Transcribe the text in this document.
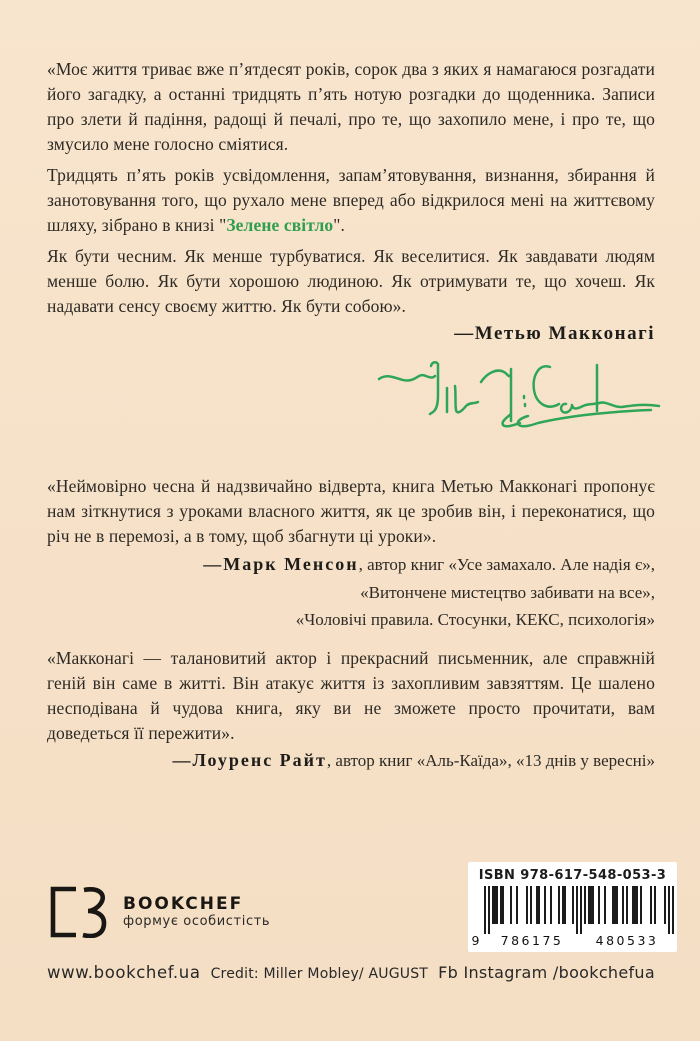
«Моє життя триває вже п’ятдесят років, сорок два з яких я намагаюся розгадати його загадку, а останні тридцять п’ять нотую розгадки до щоденника. Записи про злети й падіння, радощі й печалі, про те, що захопило мене, і про те, що змусило мене голосно сміятися.

Тридцять п’ять років усвідомлення, запам’ятовування, визнання, збирання й занотовування того, що рухало мене вперед або відкрилося мені на життєвому шляху, зібрано в книзі "Зелене світло".

Як бути чесним. Як менше турбуватися. Як веселитися. Як завдавати людям менше болю. Як бути хорошою людиною. Як отримувати те, що хочеш. Як надавати сенсу своєму життю. Як бути собою».

—Метью Макконагі

«Неймовірно чесна й надзвичайно відверта, книга Метью Макконагі пропонує нам зіткнутися з уроками власного життя, як це зробив він, і переконатися, що річ не в перемозі, а в тому, щоб збагнути ці уроки».

—Марк Менсон, автор книг «Усе замахало. Але надія є»,
«Витончене мистецтво забивати на все»,
«Чоловічі правила. Стосунки, КЕКС, психологія»

«Макконагі — талановитий актор і прекрасний письменник, але справжній геній він саме в житті. Він атакує життя із захопливим завзяттям. Це шалено несподівана й чудова книга, яку ви не зможете просто прочитати, вам доведеться її пережити».

—Лоуренс Райт, автор книг «Аль-Каїда», «13 днів у вересні»
BOOKCHEF
формує особистість
ISBN 978-617-548-053-3
9	786175	480533
www.bookchef.ua Credit: Miller Mobley/ AUGUST Fb Instagram /bookchefua
